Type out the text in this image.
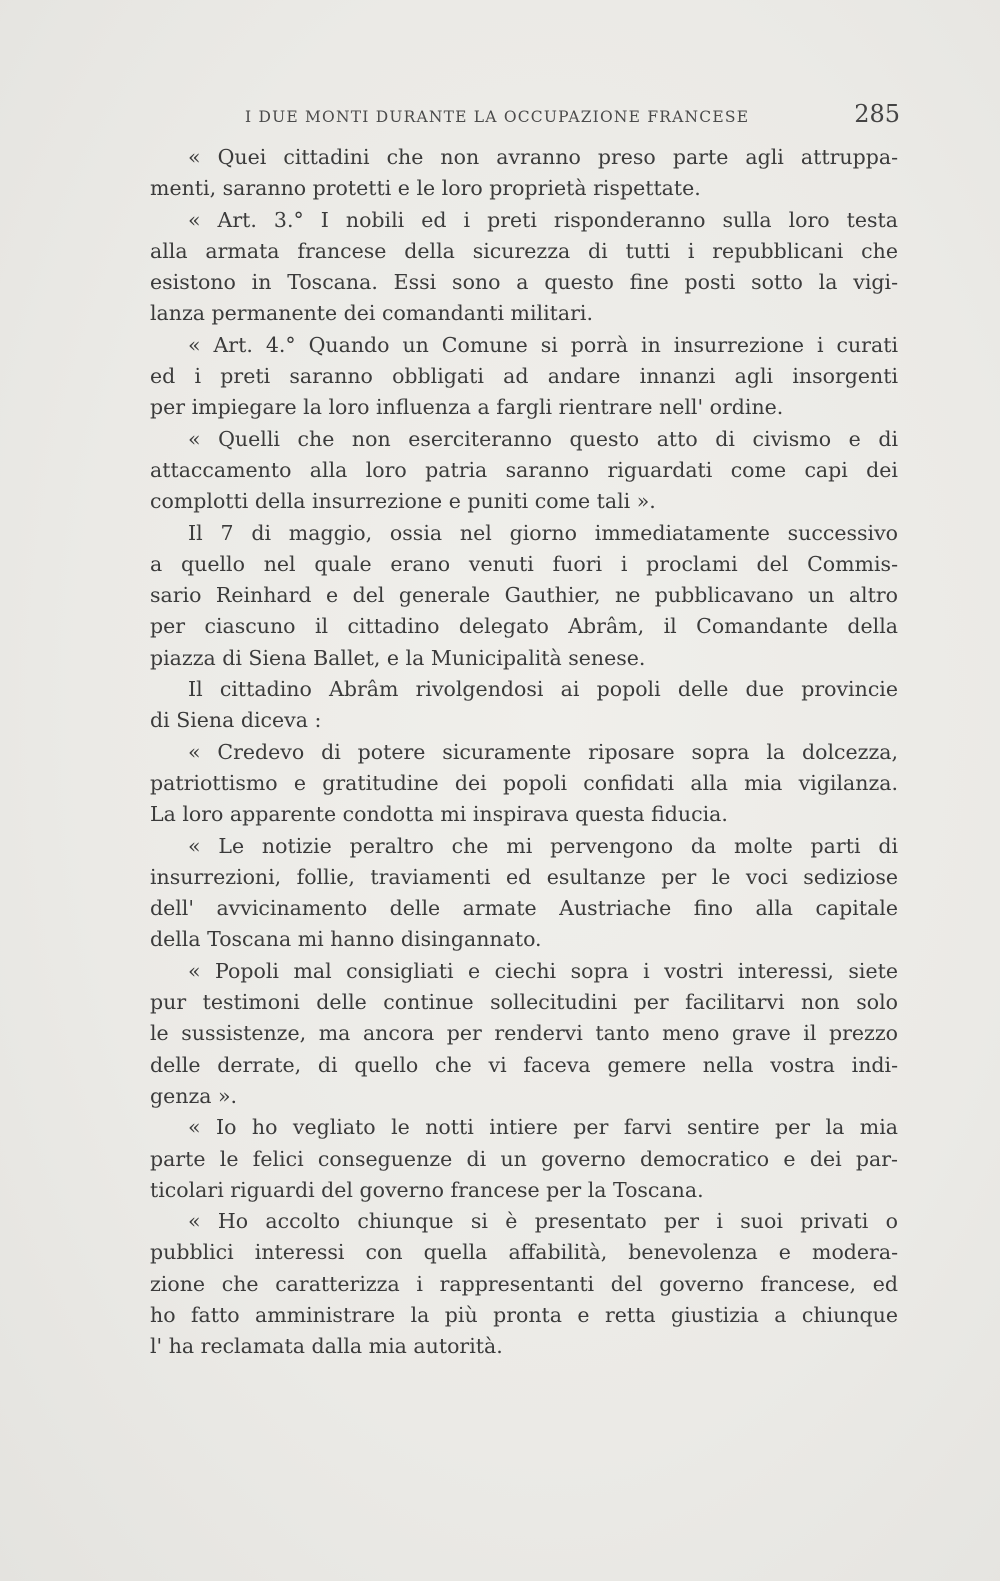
I DUE MONTI DURANTE LA OCCUPAZIONE FRANCESE	285
« Quei cittadini che non avranno preso parte agli attruppa-
menti, saranno protetti e le loro proprietà rispettate.
« Art. 3.° I nobili ed i preti risponderanno sulla loro testa
alla armata francese della sicurezza di tutti i repubblicani che
esistono in Toscana. Essi sono a questo fine posti sotto la vigi-
lanza permanente dei comandanti militari.
« Art. 4.° Quando un Comune si porrà in insurrezione i curati
ed i preti saranno obbligati ad andare innanzi agli insorgenti
per impiegare la loro influenza a fargli rientrare nell' ordine.
« Quelli che non eserciteranno questo atto di civismo e di
attaccamento alla loro patria saranno riguardati come capi dei
complotti della insurrezione e puniti come tali ».
Il 7 di maggio, ossia nel giorno immediatamente successivo
a quello nel quale erano venuti fuori i proclami del Commis-
sario Reinhard e del generale Gauthier, ne pubblicavano un altro
per ciascuno il cittadino delegato Abrâm, il Comandante della
piazza di Siena Ballet, e la Municipalità senese.
Il cittadino Abrâm rivolgendosi ai popoli delle due provincie
di Siena diceva :
« Credevo di potere sicuramente riposare sopra la dolcezza,
patriottismo e gratitudine dei popoli confidati alla mia vigilanza.
La loro apparente condotta mi inspirava questa fiducia.
« Le notizie peraltro che mi pervengono da molte parti di
insurrezioni, follie, traviamenti ed esultanze per le voci sediziose
dell' avvicinamento delle armate Austriache fino alla capitale
della Toscana mi hanno disingannato.
« Popoli mal consigliati e ciechi sopra i vostri interessi, siete
pur testimoni delle continue sollecitudini per facilitarvi non solo
le sussistenze, ma ancora per rendervi tanto meno grave il prezzo
delle derrate, di quello che vi faceva gemere nella vostra indi-
genza ».
« Io ho vegliato le notti intiere per farvi sentire per la mia
parte le felici conseguenze di un governo democratico e dei par-
ticolari riguardi del governo francese per la Toscana.
« Ho accolto chiunque si è presentato per i suoi privati o
pubblici interessi con quella affabilità, benevolenza e modera-
zione che caratterizza i rappresentanti del governo francese, ed
ho fatto amministrare la più pronta e retta giustizia a chiunque
l' ha reclamata dalla mia autorità.
